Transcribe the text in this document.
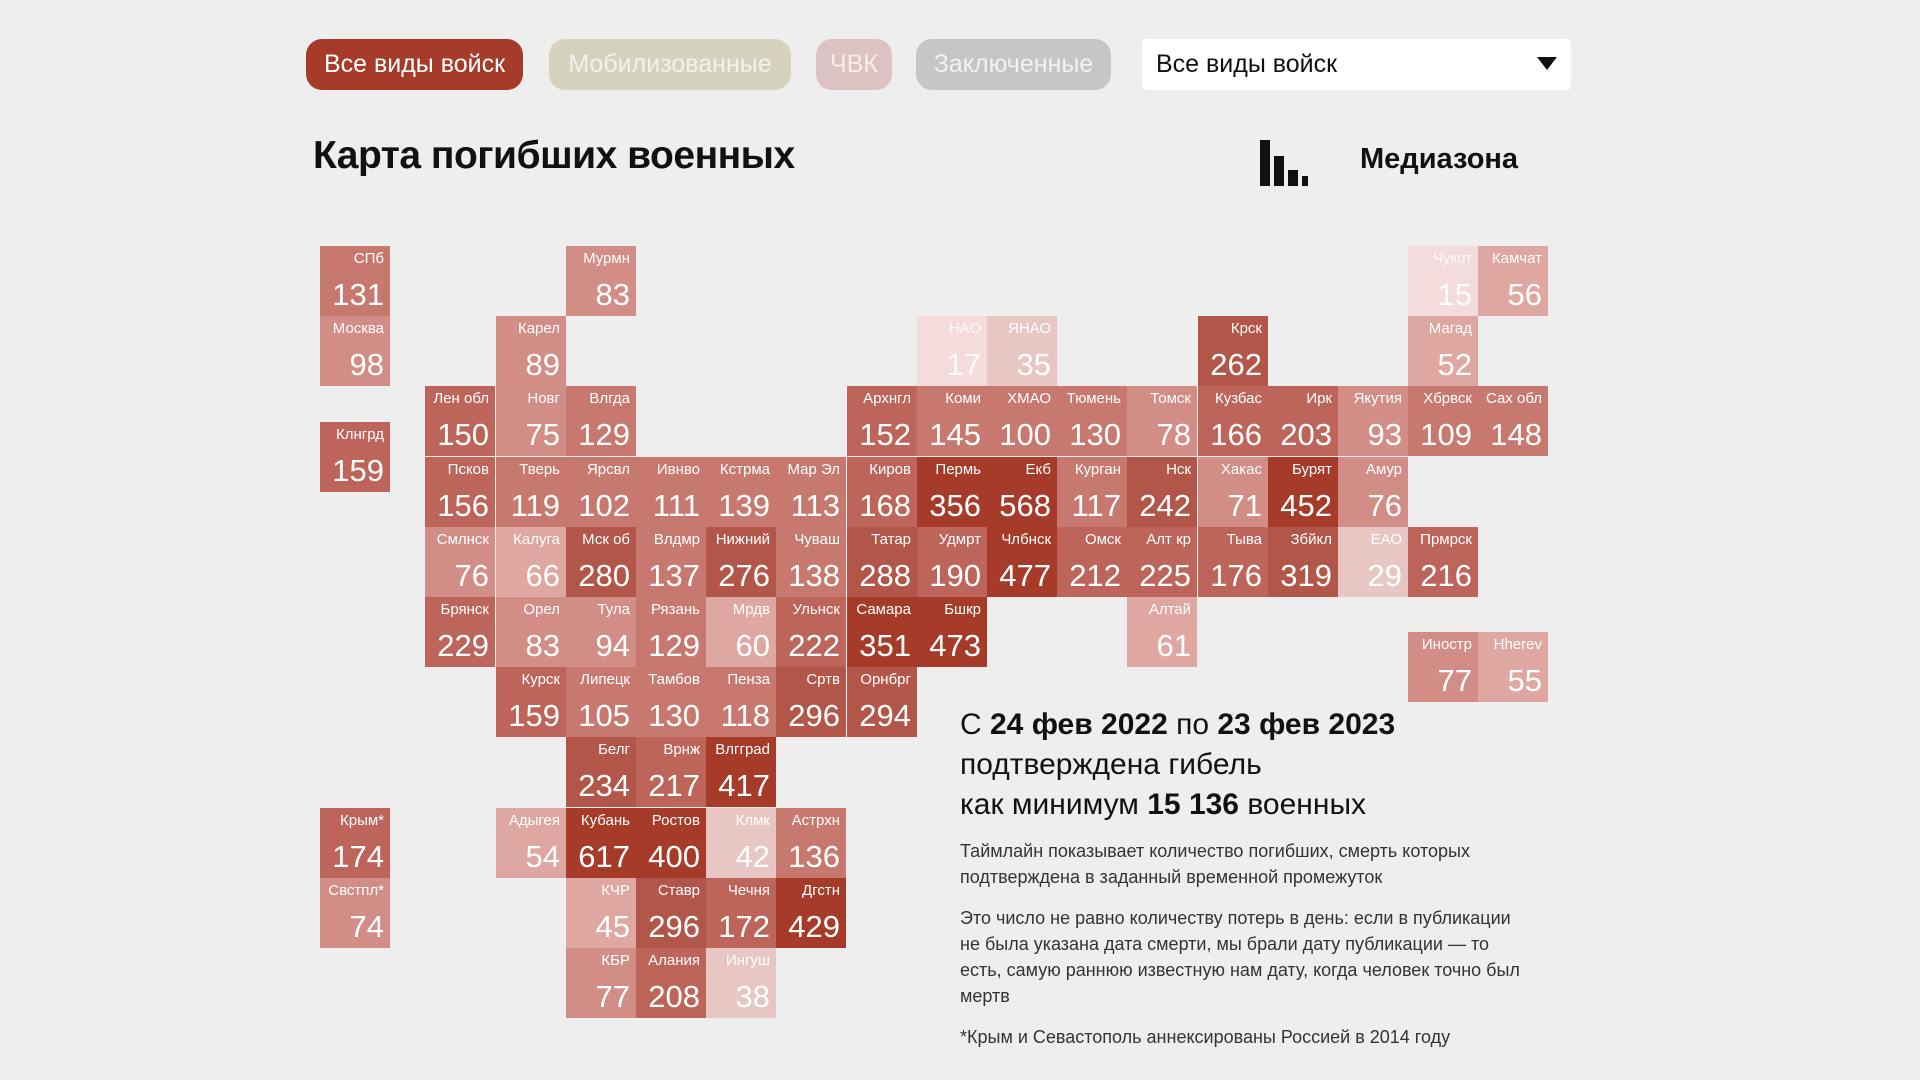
Все виды войск	Мобилизованные	ЧВК	Заключенные	Все виды войск
Карта погибших военных	Медиазона
СПб
131
Мурмн
83
Чукот
15
Камчат
56
Москва
98
Карел
89
НАО
17
ЯНАО
35
Крск
262
Магад
52
Лен обл
150
Новг
75
Влгда
129
Архнгл
152
Коми
145
ХМАО
100
Тюмень
130
Томск
78
Кузбас
166
Ирк
203
Якутия
93
Хбрвск
109
Сах обл
148
Клнгрд
159	Псков
156
Тверь
119
Ярсвл
102
Ивнво
111
Кстрма
139
Мар Эл
113
Киров
168
Пермь
356
Екб
568
Курган
117
Нск
242
Хакас
71
Бурят
452
Амур
76
Смлнск
76
Калуга
66
Мск об
280
Влдмр
137
Нижний
276
Чуваш
138
Татар
288
Удмрт
190
Члбнск
477
Омск
212
Алт кр
225
Тыва
176
Збйкл
319
ЕАО
29
Прмрск
216
Брянск
229
Орел
83
Тула
94
Рязань
129
Мрдв
60
Ульнск
222
Самара
351
Бшкр
473
Алтай
61	Иностр
77
Нherev
55
Курск
159
Липецк
105
Тамбов
130
Пенза
118
Сртв
296
Орнбрг
294
Белг
234
Врнж
217
Влгграd
417
Крым*
174
Адыгея
54
Кубань
617
Ростов
400
Клмк
42
Астрхн
136
Свстпл*
74
КЧР
45
Ставр
296
Чечня
172
Дгстн
429
КБР
77
Алания
208
Ингуш
38
С 24 фев 2022 по 23 фев 2023
подтверждена гибель
как минимум 15 136 военных
Таймлайн показывает количество погибших, смерть которых подтверждена в заданный временной промежуток
Это число не равно количеству потерь в день: если в публикации не была указана дата смерти, мы брали дату публикации — то есть, самую раннюю известную нам дату, когда человек точно был мертв
*Крым и Севастополь аннексированы Россией в 2014 году
